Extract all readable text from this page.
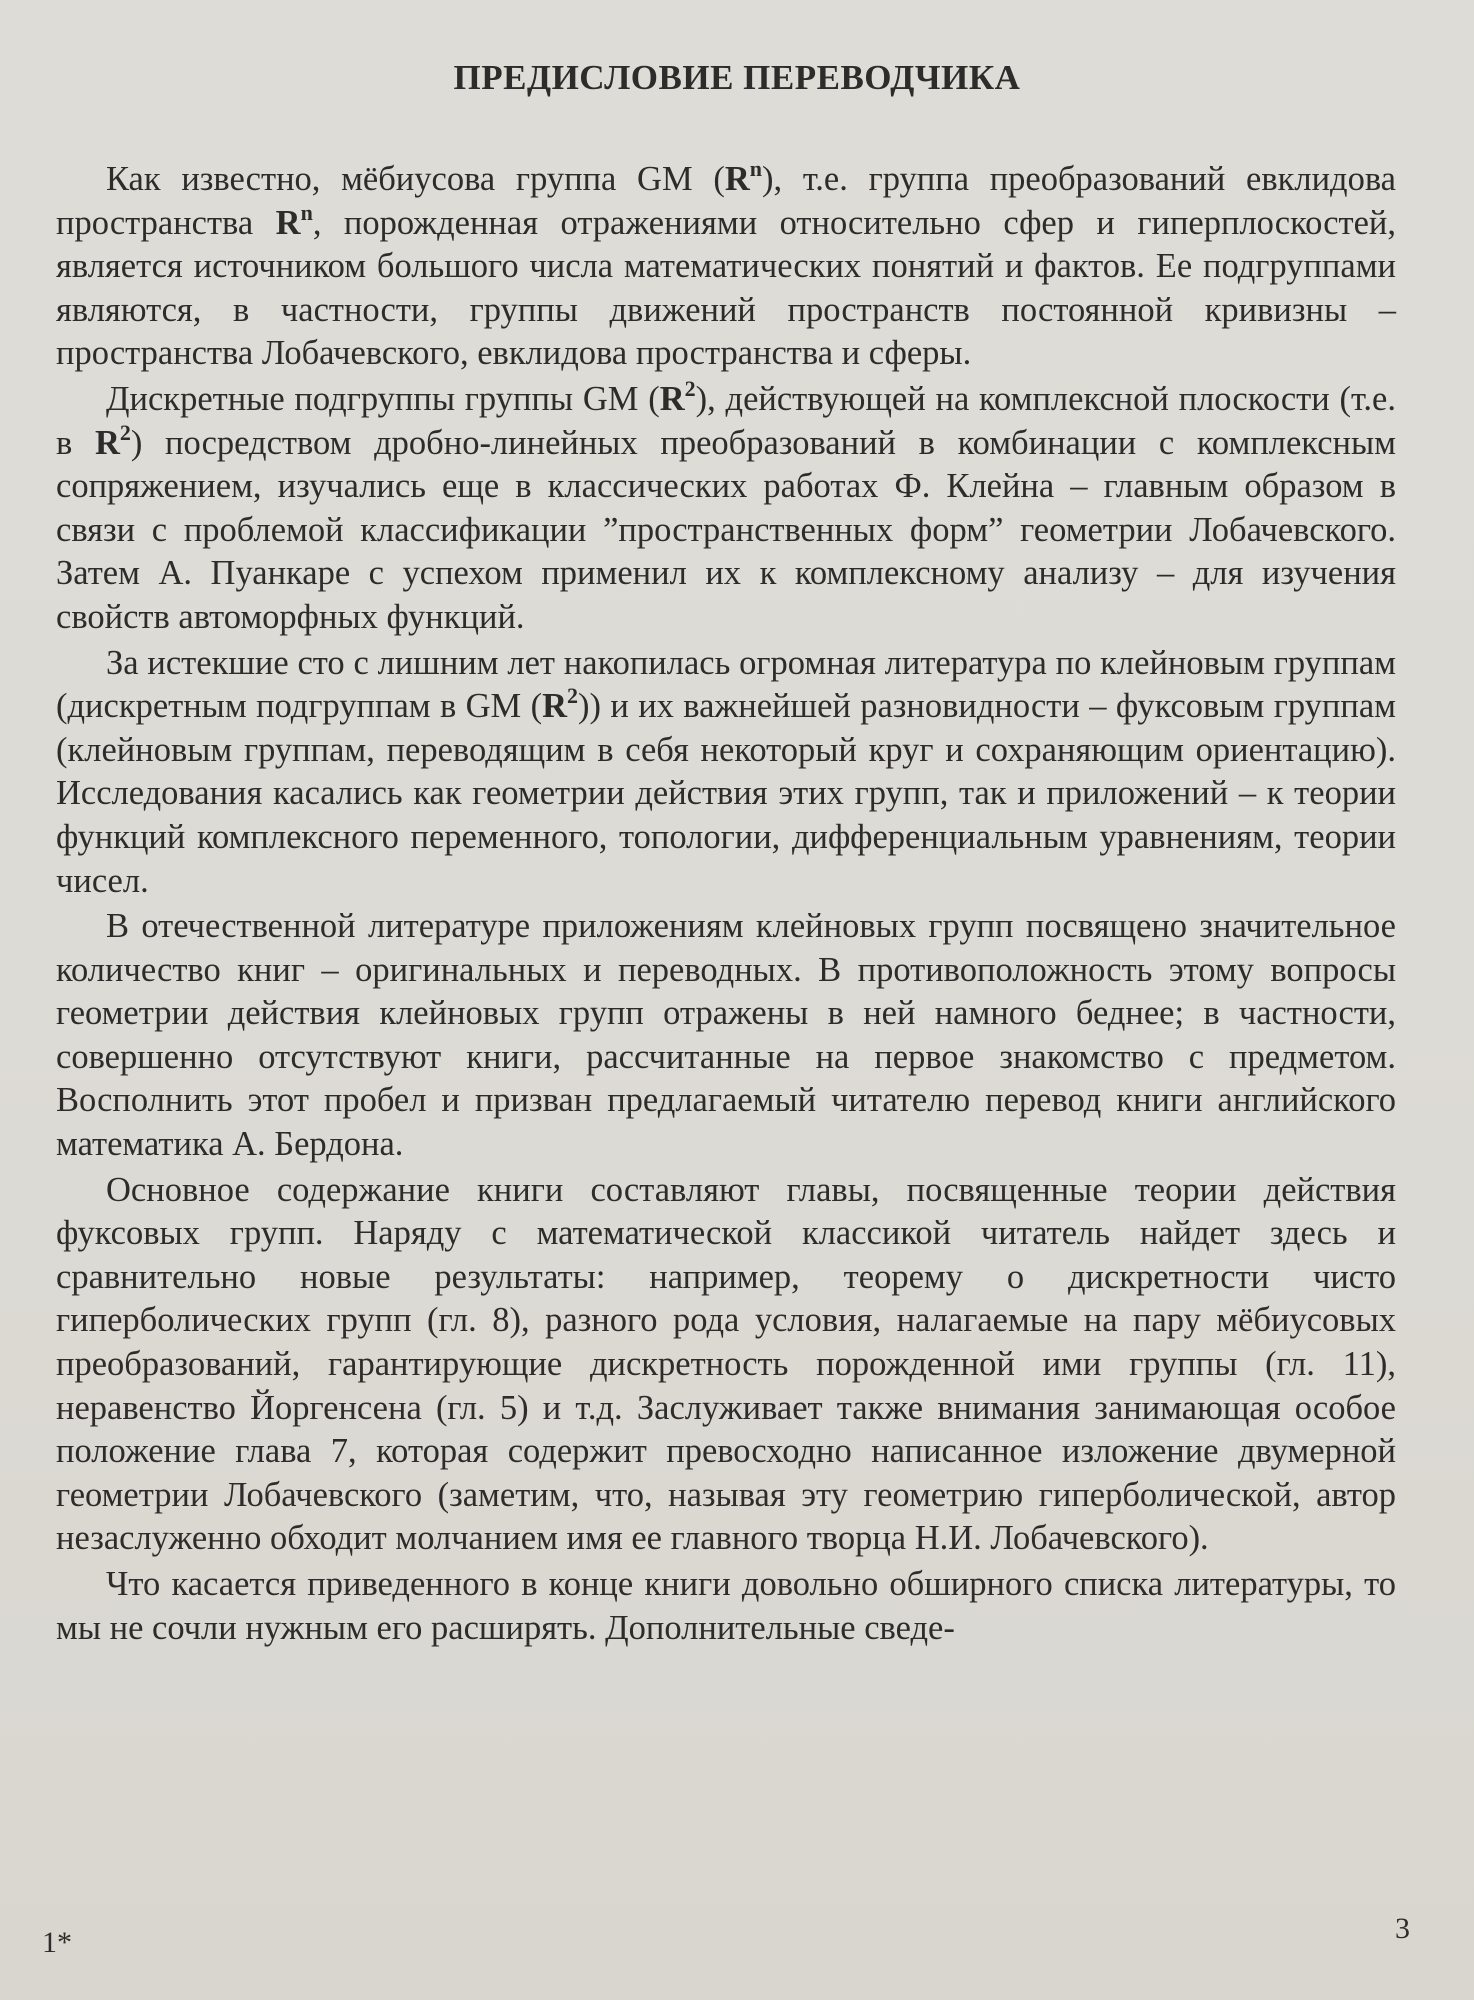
ПРЕДИСЛОВИЕ ПЕРЕВОДЧИКА

Как известно, мёбиусова группа GM $(R^n)$, т.е. группа преобразований евклидова пространства $R^n$, порожденная отражениями относительно сфер и гиперплоскостей, является источником большого числа математических понятий и фактов. Ее подгруппами являются, в частности, группы движений пространств постоянной кривизны – пространства Лобачевского, евклидова пространства и сферы.

Дискретные подгруппы группы GM $(R^2)$, действующей на комплексной плоскости (т.е. в $R^2$) посредством дробно-линейных преобразований в комбинации с комплексным сопряжением, изучались еще в классических работах Ф. Клейна – главным образом в связи с проблемой классификации ”пространственных форм” геометрии Лобачевского. Затем А. Пуанкаре с успехом применил их к комплексному анализу – для изучения свойств автоморфных функций.

За истекшие сто с лишним лет накопилась огромная литература по клейновым группам (дискретным подгруппам в GM $(R^2)$) и их важнейшей разновидности – фуксовым группам (клейновым группам, переводящим в себя некоторый круг и сохраняющим ориентацию). Исследования касались как геометрии действия этих групп, так и приложений – к теории функций комплексного переменного, топологии, дифференциальным уравнениям, теории чисел.

В отечественной литературе приложениям клейновых групп посвящено значительное количество книг – оригинальных и переводных. В противоположность этому вопросы геометрии действия клейновых групп отражены в ней намного беднее; в частности, совершенно отсутствуют книги, рассчитанные на первое знакомство с предметом. Восполнить этот пробел и призван предлагаемый читателю перевод книги английского математика А. Бердона.

Основное содержание книги составляют главы, посвященные теории действия фуксовых групп. Наряду с математической классикой читатель найдет здесь и сравнительно новые результаты: например, теорему о дискретности чисто гиперболических групп (гл. 8), разного рода условия, налагаемые на пару мёбиусовых преобразований, гарантирующие дискретность порожденной ими группы (гл. 11), неравенство Йоргенсена (гл. 5) и т.д. Заслуживает также внимания занимающая особое положение глава 7, которая содержит превосходно написанное изложение двумерной геометрии Лобачевского (заметим, что, называя эту геометрию гиперболической, автор незаслуженно обходит молчанием имя ее главного творца Н.И. Лобачевского).

Что касается приведенного в конце книги довольно обширного списка литературы, то мы не сочли нужным его расширять. Дополнительные сведе-

1*	3
